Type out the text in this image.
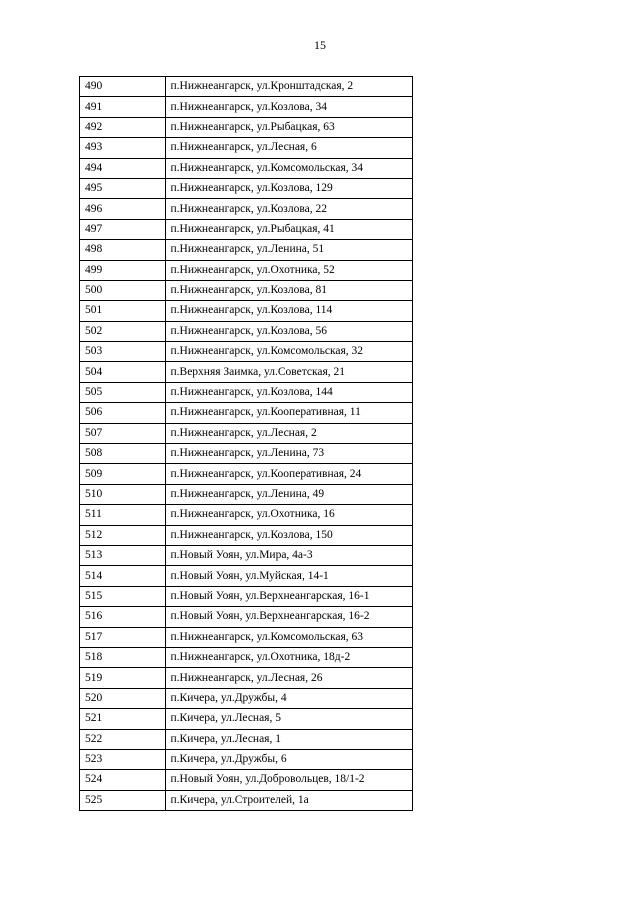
15
490	п.Нижнеангарск, ул.Кронштадская, 2
491	п.Нижнеангарск, ул.Козлова, 34
492	п.Нижнеангарск, ул.Рыбацкая, 63
493	п.Нижнеангарск, ул.Лесная, 6
494	п.Нижнеангарск, ул.Комсомольская, 34
495	п.Нижнеангарск, ул.Козлова, 129
496	п.Нижнеангарск, ул.Козлова, 22
497	п.Нижнеангарск, ул.Рыбацкая, 41
498	п.Нижнеангарск, ул.Ленина, 51
499	п.Нижнеангарск, ул.Охотника, 52
500	п.Нижнеангарск, ул.Козлова, 81
501	п.Нижнеангарск, ул.Козлова, 114
502	п.Нижнеангарск, ул.Козлова, 56
503	п.Нижнеангарск, ул.Комсомольская, 32
504	п.Верхняя Заимка, ул.Советская, 21
505	п.Нижнеангарск, ул.Козлова, 144
506	п.Нижнеангарск, ул.Кооперативная, 11
507	п.Нижнеангарск, ул.Лесная, 2
508	п.Нижнеангарск, ул.Ленина, 73
509	п.Нижнеангарск, ул.Кооперативная, 24
510	п.Нижнеангарск, ул.Ленина, 49
511	п.Нижнеангарск, ул.Охотника, 16
512	п.Нижнеангарск, ул.Козлова, 150
513	п.Новый Уоян, ул.Мира, 4а-3
514	п.Новый Уоян, ул.Муйская, 14-1
515	п.Новый Уоян, ул.Верхнеангарская, 16-1
516	п.Новый Уоян, ул.Верхнеангарская, 16-2
517	п.Нижнеангарск, ул.Комсомольская, 63
518	п.Нижнеангарск, ул.Охотника, 18д-2
519	п.Нижнеангарск, ул.Лесная, 26
520	п.Кичера, ул.Дружбы, 4
521	п.Кичера, ул.Лесная, 5
522	п.Кичера, ул.Лесная, 1
523	п.Кичера, ул.Дружбы, 6
524	п.Новый Уоян, ул.Добровольцев, 18/1-2
525	п.Кичера, ул.Строителей, 1а
